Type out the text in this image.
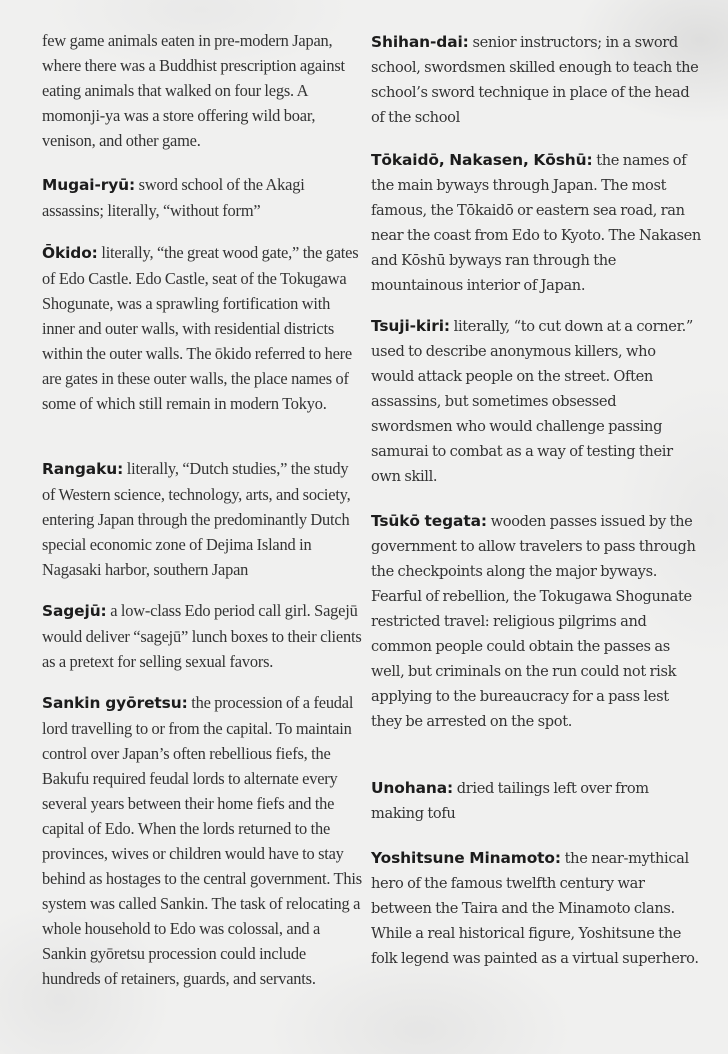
few game animals eaten in pre-modern Japan, where there was a Buddhist prescription against eating animals that walked on four legs. A momonji-ya was a store offering wild boar, venison, and other game.
Mugai-ryū: sword school of the Akagi assassins; literally, “without form”
Ōkido: literally, “the great wood gate,” the gates of Edo Castle. Edo Castle, seat of the Tokugawa Shogunate, was a sprawling fortification with inner and outer walls, with residential districts within the outer walls. The ōkido referred to here are gates in these outer walls, the place names of some of which still remain in modern Tokyo.
Rangaku: literally, “Dutch studies,” the study of Western science, technology, arts, and society, entering Japan through the predominantly Dutch special economic zone of Dejima Island in Nagasaki harbor, southern Japan
Sagejū: a low-class Edo period call girl. Sagejū would deliver “sagejū” lunch boxes to their clients as a pretext for selling sexual favors.
Sankin gyōretsu: the procession of a feudal lord travelling to or from the capital. To maintain control over Japan’s often rebellious fiefs, the Bakufu required feudal lords to alternate every several years between their home fiefs and the capital of Edo. When the lords returned to the provinces, wives or children would have to stay behind as hostages to the central government. This system was called Sankin. The task of relocating a whole household to Edo was colossal, and a Sankin gyōretsu procession could include hundreds of retainers, guards, and servants.
Shihan-dai: senior instructors; in a sword school, swordsmen skilled enough to teach the school’s sword technique in place of the head of the school
Tōkaidō, Nakasen, Kōshū: the names of the main byways through Japan. The most famous, the Tōkaidō or eastern sea road, ran near the coast from Edo to Kyoto. The Nakasen and Kōshū byways ran through the mountainous interior of Japan.
Tsuji-kiri: literally, “to cut down at a corner.” used to describe anonymous killers, who would attack people on the street. Often assassins, but sometimes obsessed swordsmen who would challenge passing samurai to combat as a way of testing their own skill.
Tsūkō tegata: wooden passes issued by the government to allow travelers to pass through the checkpoints along the major byways. Fearful of rebellion, the Tokugawa Shogunate restricted travel: religious pilgrims and common people could obtain the passes as well, but criminals on the run could not risk applying to the bureaucracy for a pass lest they be arrested on the spot.
Unohana: dried tailings left over from making tofu
Yoshitsune Minamoto: the near-mythical hero of the famous twelfth century war between the Taira and the Minamoto clans. While a real historical figure, Yoshitsune the folk legend was painted as a virtual superhero.
